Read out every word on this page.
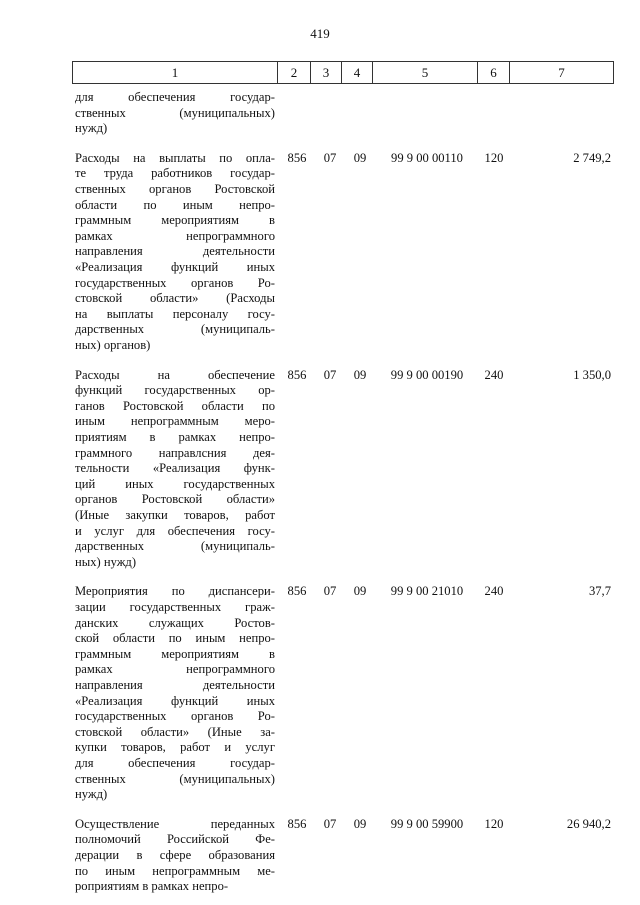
419
1	2	3	4	5	6	7
для обеспечения государ-
ственных (муниципальных)
нужд)
Расходы на выплаты по опла-
те труда работников государ-
ственных органов Ростовской
области по иным непро-
граммным мероприятиям в
рамках непрограммного
направления деятельности
«Реализация функций иных
государственных органов Ро-
стовской области» (Расходы
на выплаты персоналу госу-
дарственных (муниципаль-
ных) органов)
856	07	09	99 9 00 00110	120	2 749,2
Расходы на обеспечение
функций государственных ор-
ганов Ростовской области по
иным непрограммным меро-
приятиям в рамках непро-
граммного направлсния дея-
тельности «Реализация функ-
ций иных государственных
органов Ростовской области»
(Иные закупки товаров, работ
и услуг для обеспечения госу-
дарственных (муниципаль-
ных) нужд)
856	07	09	99 9 00 00190	240	1 350,0
Мероприятия по диспансери-
зации государственных граж-
данских служащих Ростов-
ской области по иным непро-
граммным мероприятиям в
рамках непрограммного
направления деятельности
«Реализация функций иных
государственных органов Ро-
стовской области» (Иные за-
купки товаров, работ и услуг
для обеспечения государ-
ственных (муниципальных)
нужд)
856	07	09	99 9 00 21010	240	37,7
Осуществление переданных
полномочий Российской Фе-
дерации в сфере образования
по иным непрограммным ме-
роприятиям в рамках непро-
856	07	09	99 9 00 59900	120	26 940,2
